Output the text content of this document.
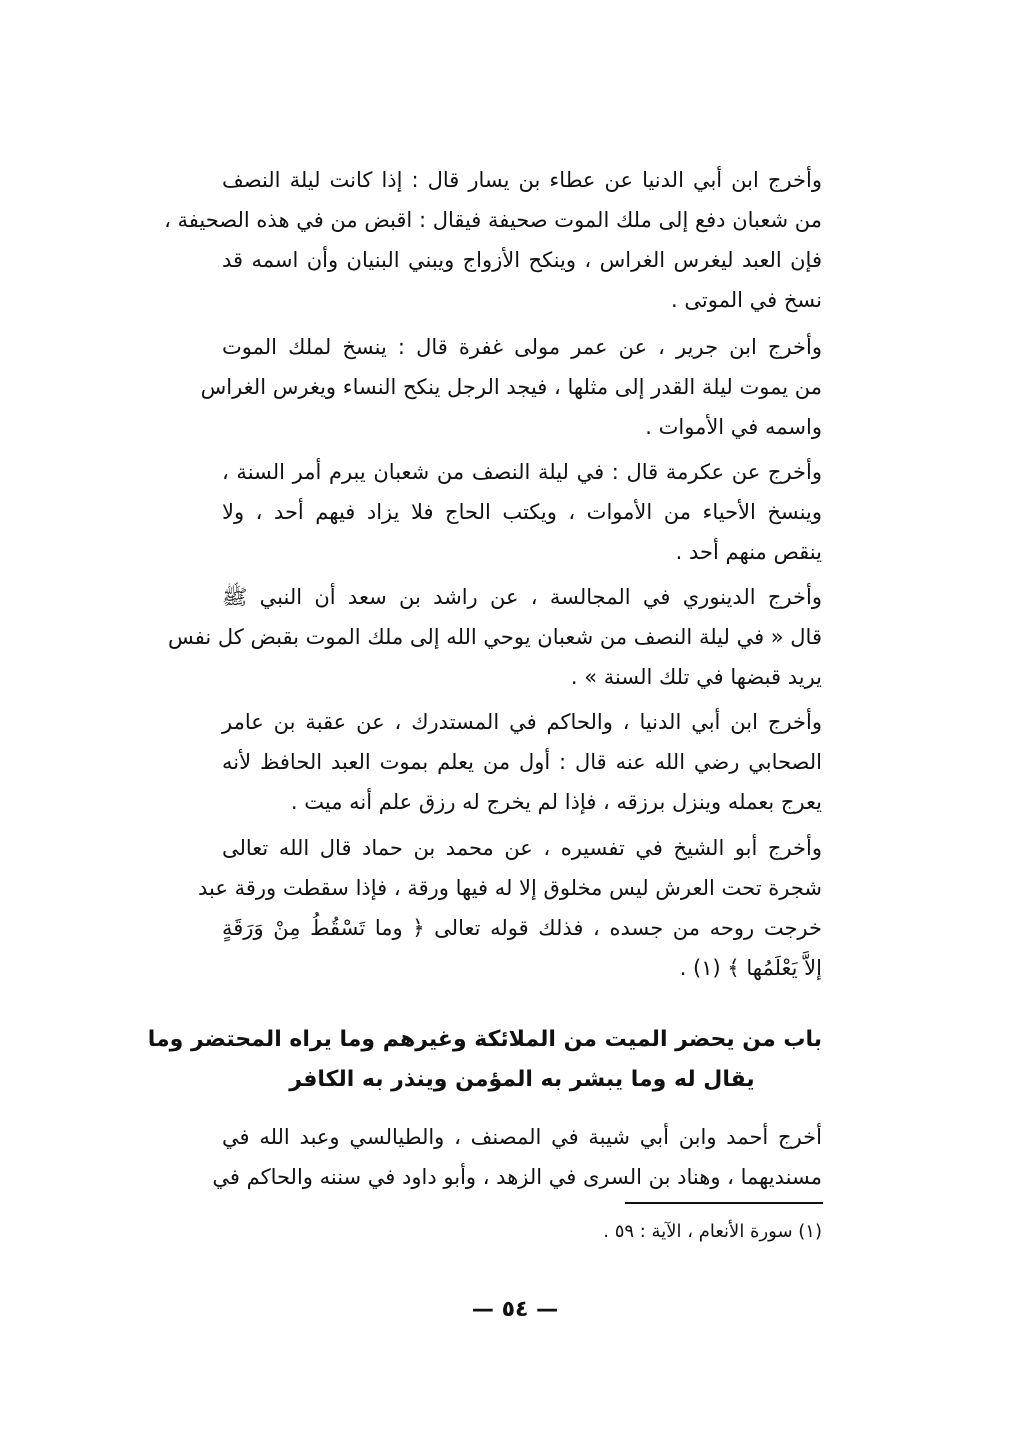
وأخرج ابن أبي الدنيا عن عطاء بن يسار قال : إذا كانت ليلة النصف
من شعبان دفع إلى ملك الموت صحيفة فيقال : اقبض من في هذه الصحيفة ،
فإن العبد ليغرس الغراس ، وينكح الأزواج ويبني البنيان وأن اسمه قد
نسخ في الموتى .
وأخرج ابن جرير ، عن عمر مولى غفرة قال : ينسخ لملك الموت
من يموت ليلة القدر إلى مثلها ، فيجد الرجل ينكح النساء ويغرس الغراس
واسمه في الأموات .
وأخرج عن عكرمة قال : في ليلة النصف من شعبان يبرم أمر السنة ،
وينسخ الأحياء من الأموات ، ويكتب الحاج فلا يزاد فيهم أحد ، ولا
ينقص منهم أحد .
وأخرج الدينوري في المجالسة ، عن راشد بن سعد أن النبي ﷺ
قال « في ليلة النصف من شعبان يوحي الله إلى ملك الموت بقبض كل نفس
يريد قبضها في تلك السنة » .
وأخرج ابن أبي الدنيا ، والحاكم في المستدرك ، عن عقبة بن عامر
الصحابي رضي الله عنه قال : أول من يعلم بموت العبد الحافظ لأنه
يعرج بعمله وينزل برزقه ، فإذا لم يخرج له رزق علم أنه ميت .
وأخرج أبو الشيخ في تفسيره ، عن محمد بن حماد قال الله تعالى
شجرة تحت العرش ليس مخلوق إلا له فيها ورقة ، فإذا سقطت ورقة عبد
خرجت روحه من جسده ، فذلك قوله تعالى ﴿ وما تَسْقُطُ مِنْ وَرَقَةٍ
إلاَّ يَعْلَمُها ﴾ (١) .
باب من يحضر الميت من الملائكة وغيرهم وما يراه المحتضر وما
يقال له وما يبشر به المؤمن وينذر به الكافر
أخرج أحمد وابن أبي شيبة في المصنف ، والطيالسي وعبد الله في
مسنديهما ، وهناد بن السرى في الزهد ، وأبو داود في سننه والحاكم في
(١) سورة الأنعام ، الآية : ٥٩ .
— ٥٤ —
